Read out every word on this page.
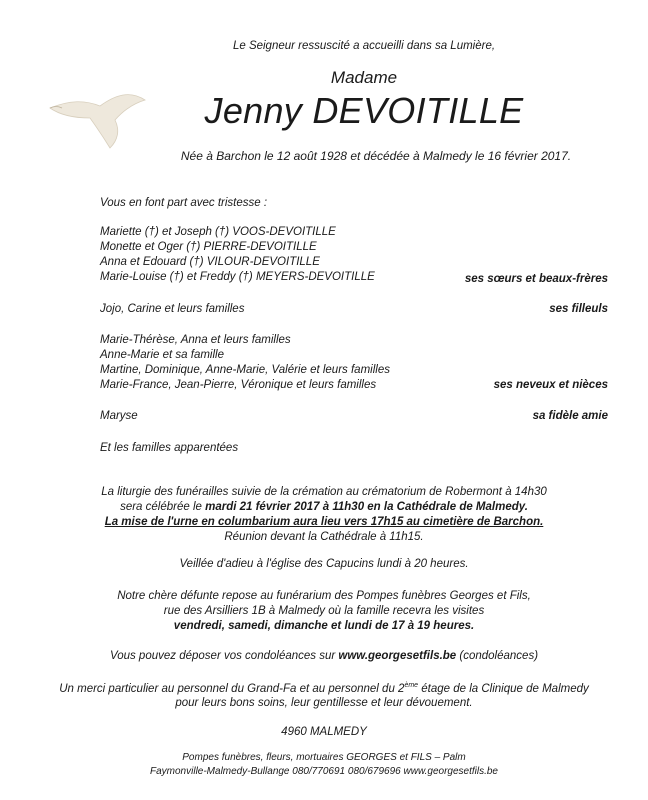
Le Seigneur ressuscité a accueilli dans sa Lumière,
Madame
Jenny DEVOITILLE
Née à Barchon le 12 août 1928 et décédée à Malmedy le 16 février 2017.
Vous en font part avec tristesse :
Mariette (†) et Joseph (†) VOOS-DEVOITILLE
Monette et Oger (†) PIERRE-DEVOITILLE
Anna et Edouard (†) VILOUR-DEVOITILLE
Marie-Louise (†) et Freddy (†) MEYERS-DEVOITILLE	ses sœurs et beaux-frères
Jojo, Carine et leurs familles	ses filleuls
Marie-Thérèse, Anna et leurs familles
Anne-Marie et sa famille
Martine, Dominique, Anne-Marie, Valérie et leurs familles
Marie-France, Jean-Pierre, Véronique et leurs familles	ses neveux et nièces
Maryse	sa fidèle amie
Et les familles apparentées
La liturgie des funérailles suivie de la crémation au crématorium de Robermont à 14h30
sera célébrée le mardi 21 février 2017 à 11h30 en la Cathédrale de Malmedy.
La mise de l'urne en columbarium aura lieu vers 17h15 au cimetière de Barchon.
Réunion devant la Cathédrale à 11h15.
Veillée d'adieu à l'église des Capucins lundi à 20 heures.
Notre chère défunte repose au funérarium des Pompes funèbres Georges et Fils,
rue des Arsilliers 1B à Malmedy où la famille recevra les visites
vendredi, samedi, dimanche et lundi de 17 à 19 heures.
Vous pouvez déposer vos condoléances sur www.georgesetfils.be (condoléances)
Un merci particulier au personnel du Grand-Fa et au personnel du 2ème étage de la Clinique de Malmedy
pour leurs bons soins, leur gentillesse et leur dévouement.
4960 MALMEDY
Pompes funèbres, fleurs, mortuaires GEORGES et FILS – Palm
Faymonville-Malmedy-Bullange 080/770691 080/679696 www.georgesetfils.be
